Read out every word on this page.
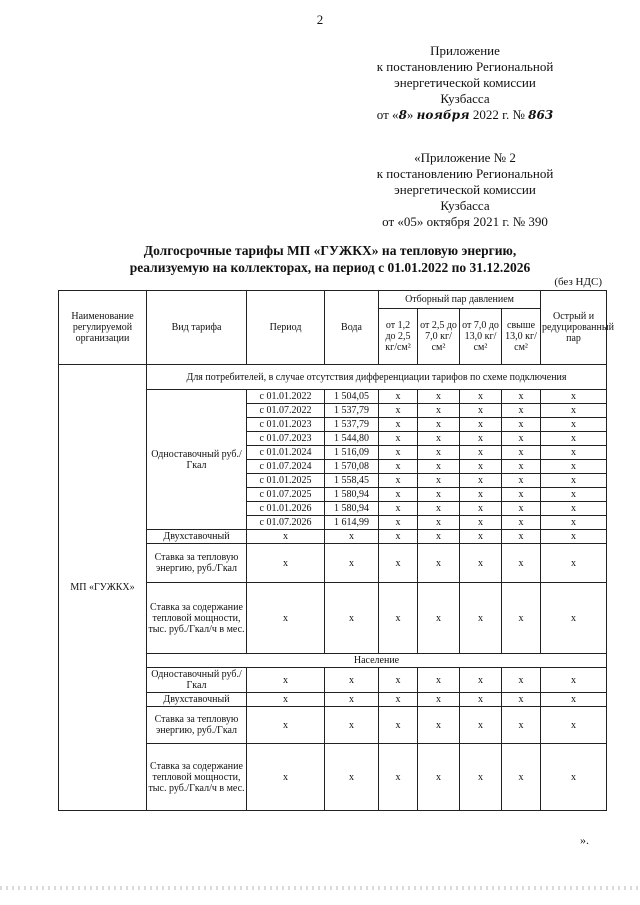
2
Приложение
к постановлению Региональной
энергетической комиссии
Кузбасса
от «8» ноября 2022 г. № 863
«Приложение № 2
к постановлению Региональной
энергетической комиссии
Кузбасса
от «05» октября 2021 г. № 390
Долгосрочные тарифы МП «ГУЖКХ» на тепловую энергию,
реализуемую на коллекторах, на период с 01.01.2022 по 31.12.2026
(без НДС)
Наименование регулируемой организации	Вид тарифа	Период	Вода	Отборный пар давлением				Острый и редуцированный пар
				от 1,2 до 2,5 кг/см²	от 2,5 до 7,0 кг/см²	от 7,0 до 13,0 кг/см²	свыше 13,0 кг/см²	
МП «ГУЖКХ»	Для потребителей, в случае отсутствия дифференциации тарифов по схеме подключения							
	Одноставочный руб./Гкал	с 01.01.2022	1 504,05	x	x	x	x	x
		с 01.07.2022	1 537,79	x	x	x	x	x
		с 01.01.2023	1 537,79	x	x	x	x	x
		с 01.07.2023	1 544,80	x	x	x	x	x
		с 01.01.2024	1 516,09	x	x	x	x	x
		с 01.07.2024	1 570,08	x	x	x	x	x
		с 01.01.2025	1 558,45	x	x	x	x	x
		с 01.07.2025	1 580,94	x	x	x	x	x
		с 01.01.2026	1 580,94	x	x	x	x	x
		с 01.07.2026	1 614,99	x	x	x	x	x
	Двухставочный	x	x	x	x	x	x	x
	Ставка за тепловую энергию, руб./Гкал	x	x	x	x	x	x	x
	Ставка за содержание тепловой мощности, тыс. руб./Гкал/ч в мес.	x	x	x	x	x	x	x
	Население							
	Одноставочный руб./Гкал	x	x	x	x	x	x	x
	Двухставочный	x	x	x	x	x	x	x
	Ставка за тепловую энергию, руб./Гкал	x	x	x	x	x	x	x
	Ставка за содержание тепловой мощности, тыс. руб./Гкал/ч в мес.	x	x	x	x	x	x	x
».
